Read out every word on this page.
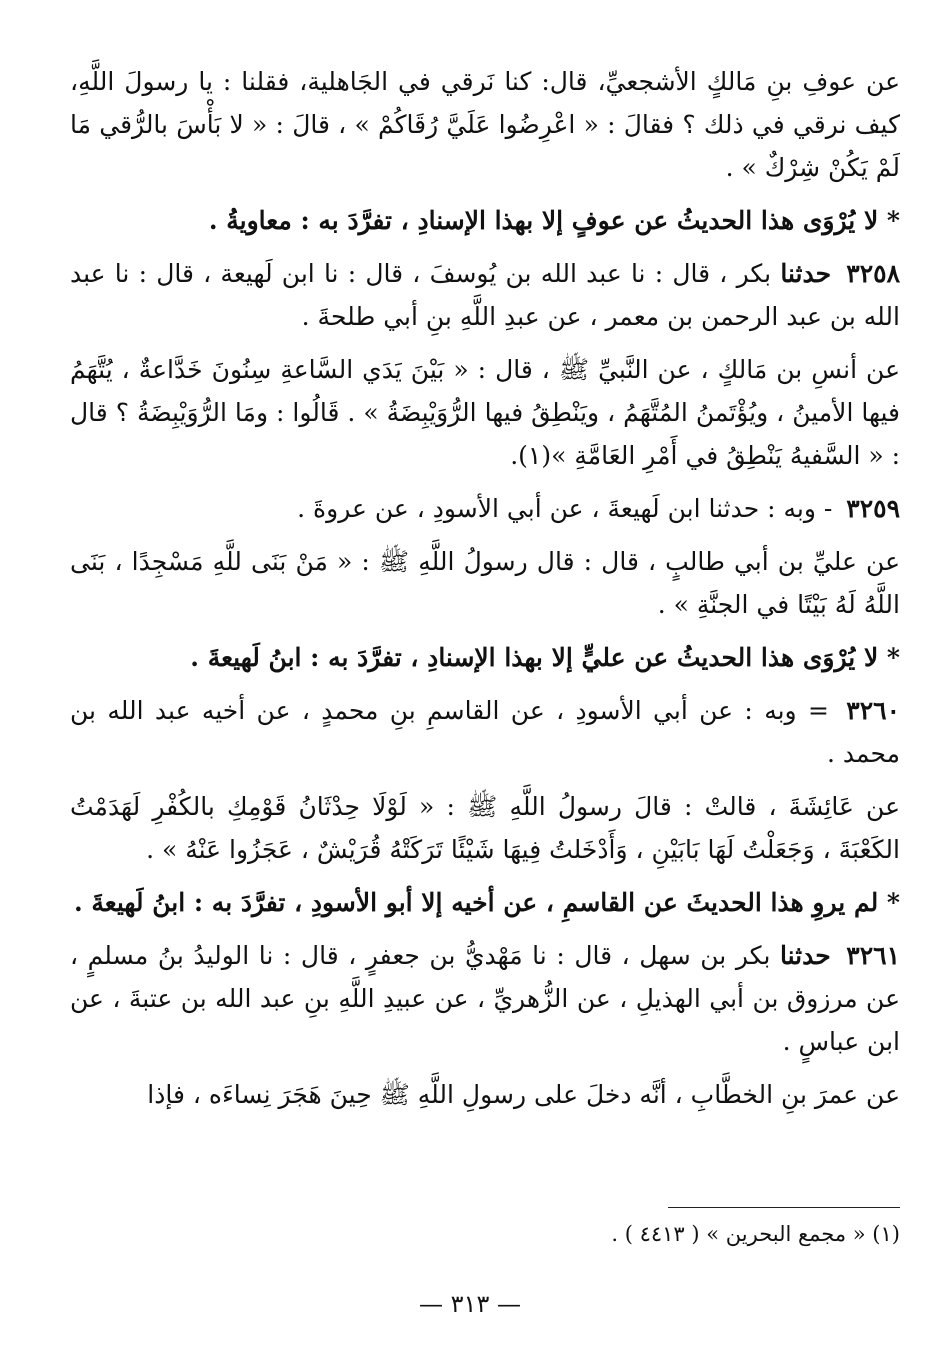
عن عوفِ بنِ مَالكٍ الأشجعيِّ، قال: كنا نَرقي في الجَاهلية، فقلنا : يا رسولَ اللَّهِ، كيف نرقي في ذلك ؟ فقالَ : « اعْرِضُوا عَلَيَّ رُقَاكُمْ » ، قالَ : « لا بَأْسَ بالرُّقي مَا لَمْ يَكُنْ شِرْكٌ » .

* لا يُرْوَى هذا الحديثُ عن عوفٍ إلا بهذا الإسنادِ ، تفرَّدَ به : معاويةُ .

٣٢٥٨ حدثنا بكر ، قال : نا عبد الله بن يُوسفَ ، قال : نا ابن لَهيعة ، قال : نا عبد الله بن عبد الرحمن بن معمر ، عن عبدِ اللَّهِ بنِ أبي طلحةَ .

عن أنسِ بن مَالكٍ ، عن النَّبيِّ ﷺ ، قال : « بَيْنَ يَدَي السَّاعةِ سِنُونَ خَدَّاعةٌ ، يُتَّهَمُ فيها الأمينُ ، ويُؤْتَمنُ المُتَّهَمُ ، ويَنْطِقُ فيها الرُّوَيْبِضَةُ » . قَالُوا : ومَا الرُّوَيْبِضَةُ ؟ قال : « السَّفيهُ يَنْطِقُ في أَمْرِ العَامَّةِ »(١).

٣٢٥٩ - وبه : حدثنا ابن لَهيعةَ ، عن أبي الأسودِ ، عن عروةَ .

عن عليِّ بن أبي طالبٍ ، قال : قال رسولُ اللَّهِ ﷺ : « مَنْ بَنَى للَّهِ مَسْجِدًا ، بَنَى اللَّهُ لَهُ بَيْتًا في الجنَّةِ » .

* لا يُرْوَى هذا الحديثُ عن عليٍّ إلا بهذا الإسنادِ ، تفرَّدَ به : ابنُ لَهيعةَ .

٣٢٦٠ = وبه : عن أبي الأسودِ ، عن القاسمِ بنِ محمدٍ ، عن أخيه عبد الله بن محمد .

عن عَائِشَةَ ، قالتْ : قالَ رسولُ اللَّهِ ﷺ : « لَوْلَا حِدْثَانُ قَوْمِكِ بالكُفْرِ لَهَدَمْتُ الكَعْبَةَ ، وَجَعَلْتُ لَهَا بَابَيْنِ ، وَأَدْخَلتُ فِيهَا شَيْئًا تَرَكَتْهُ قُرَيْشٌ ، عَجَزُوا عَنْهُ » .

* لم يروِ هذا الحديثَ عن القاسمِ ، عن أخيه إلا أبو الأسودِ ، تفرَّدَ به : ابنُ لَهيعةَ .

٣٢٦١ حدثنا بكر بن سهل ، قال : نا مَهْديُّ بن جعفرٍ ، قال : نا الوليدُ بنُ مسلمٍ ، عن مرزوق بن أبي الهذيلِ ، عن الزُّهريِّ ، عن عبيدِ اللَّهِ بنِ عبد الله بن عتبةَ ، عن ابن عباسٍ .

عن عمرَ بنِ الخطَّابِ ، أنَّه دخلَ على رسولِ اللَّهِ ﷺ حِينَ هَجَرَ نِساءَه ، فإذا

(١) « مجمع البحرين » ( ٤٤١٣ ) .
— ٣١٣ —
